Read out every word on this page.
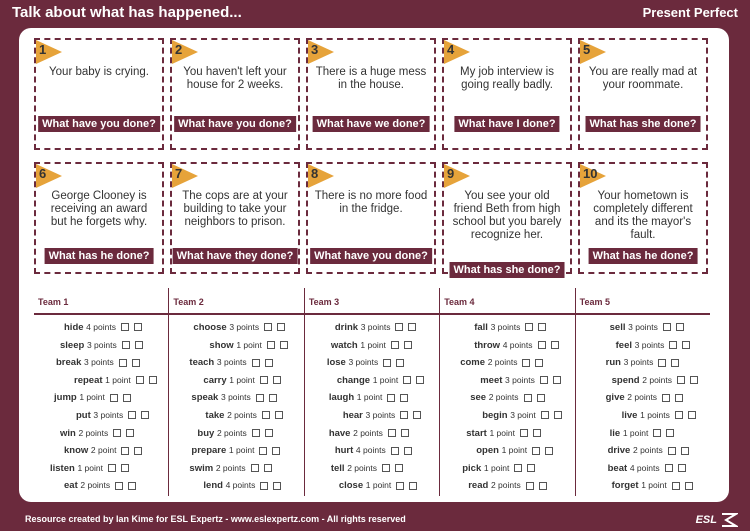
Talk about what has happened...	Present Perfect
1
Your baby is crying.
What have you done?
2
You haven't left your house for 2 weeks.
What have you done?
3
There is a huge mess in the house.
What have we done?
4
My job interview is going really badly.
What have I done?
5
You are really mad at your roommate.
What has she done?
6
George Clooney is receiving an award but he forgets why.
What has he done?
7
The cops are at your building to take your neighbors to prison.
What have they done?
8
There is no more food in the fridge.
What have you done?
9
You see your old friend Beth from high school but you barely recognize her.
What has she done?
10
Your hometown is completely different and its the mayor's fault.
What has he done?
Team 1
hide 4 points
sleep 3 points
break 3 points
repeat 1 point
jump 1 point
put 3 points
win 2 points
know 2 point
listen 1 point
eat 2 points
Team 2
choose 3 points
show 1 point
teach 3 points
carry 1 point
speak 3 points
take 2 points
buy 2 points
prepare 1 point
swim 2 points
lend 4 points
Team 3
drink 3 points
watch 1 point
lose 3 points
change 1 point
laugh 1 point
hear 3 points
have 2 points
hurt 4 points
tell 2 points
close 1 point
Team 4
fall 3 points
throw 4 points
come 2 points
meet 3 points
see 2 points
begin 3 point
start 1 point
open 1 point
pick 1 point
read 2 points
Team 5
sell 3 points
feel 3 points
run 3 points
spend 2 points
give 2 points
live 1 points
lie 1 point
drive 2 points
beat 4 points
forget 1 point
Resource created by Ian Kime for ESL Expertz - www.eslexpertz.com - All rights reserved	ESL
